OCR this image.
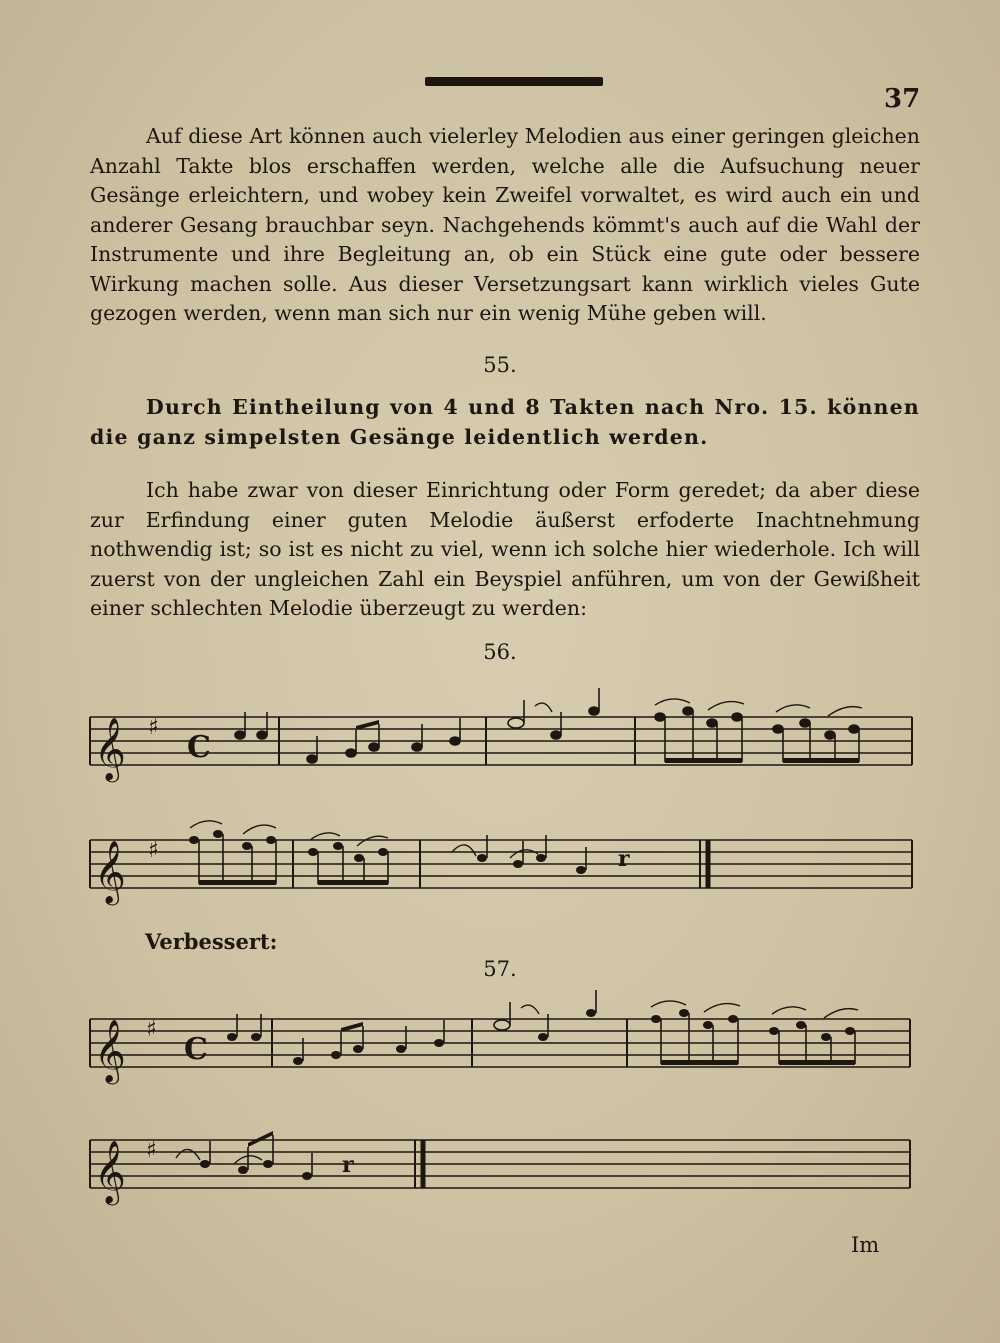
37

Auf diese Art können auch vielerley Melodien aus einer geringen gleichen Anzahl Takte blos erschaffen werden, welche alle die Aufsuchung neuer Gesänge erleichtern, und wobey kein Zweifel vorwaltet, es wird auch ein und anderer Gesang brauchbar seyn. Nachgehends kömmt's auch auf die Wahl der Instrumente und ihre Begleitung an, ob ein Stück eine gute oder bessere Wirkung machen solle. Aus dieser Versetzungsart kann wirklich vieles Gute gezogen werden, wenn man sich nur ein wenig Mühe geben will.

55.

Durch Eintheilung von 4 und 8 Takten nach Nro. 15. können die ganz simpelsten Gesänge leidentlich werden.

Ich habe zwar von dieser Einrichtung oder Form geredet; da aber diese zur Erfindung einer guten Melodie äußerst erfoderte Inachtnehmung nothwendig ist; so ist es nicht zu viel, wenn ich solche hier wiederhole. Ich will zuerst von der ungleichen Zahl ein Beyspiel anführen, um von der Gewißheit einer schlechten Melodie überzeugt zu werden:

56.
Verbessert:
57.
Im
𝄞 ♯
C
𝄞 ♯	r
𝄞 ♯
C
𝄞 ♯
r
